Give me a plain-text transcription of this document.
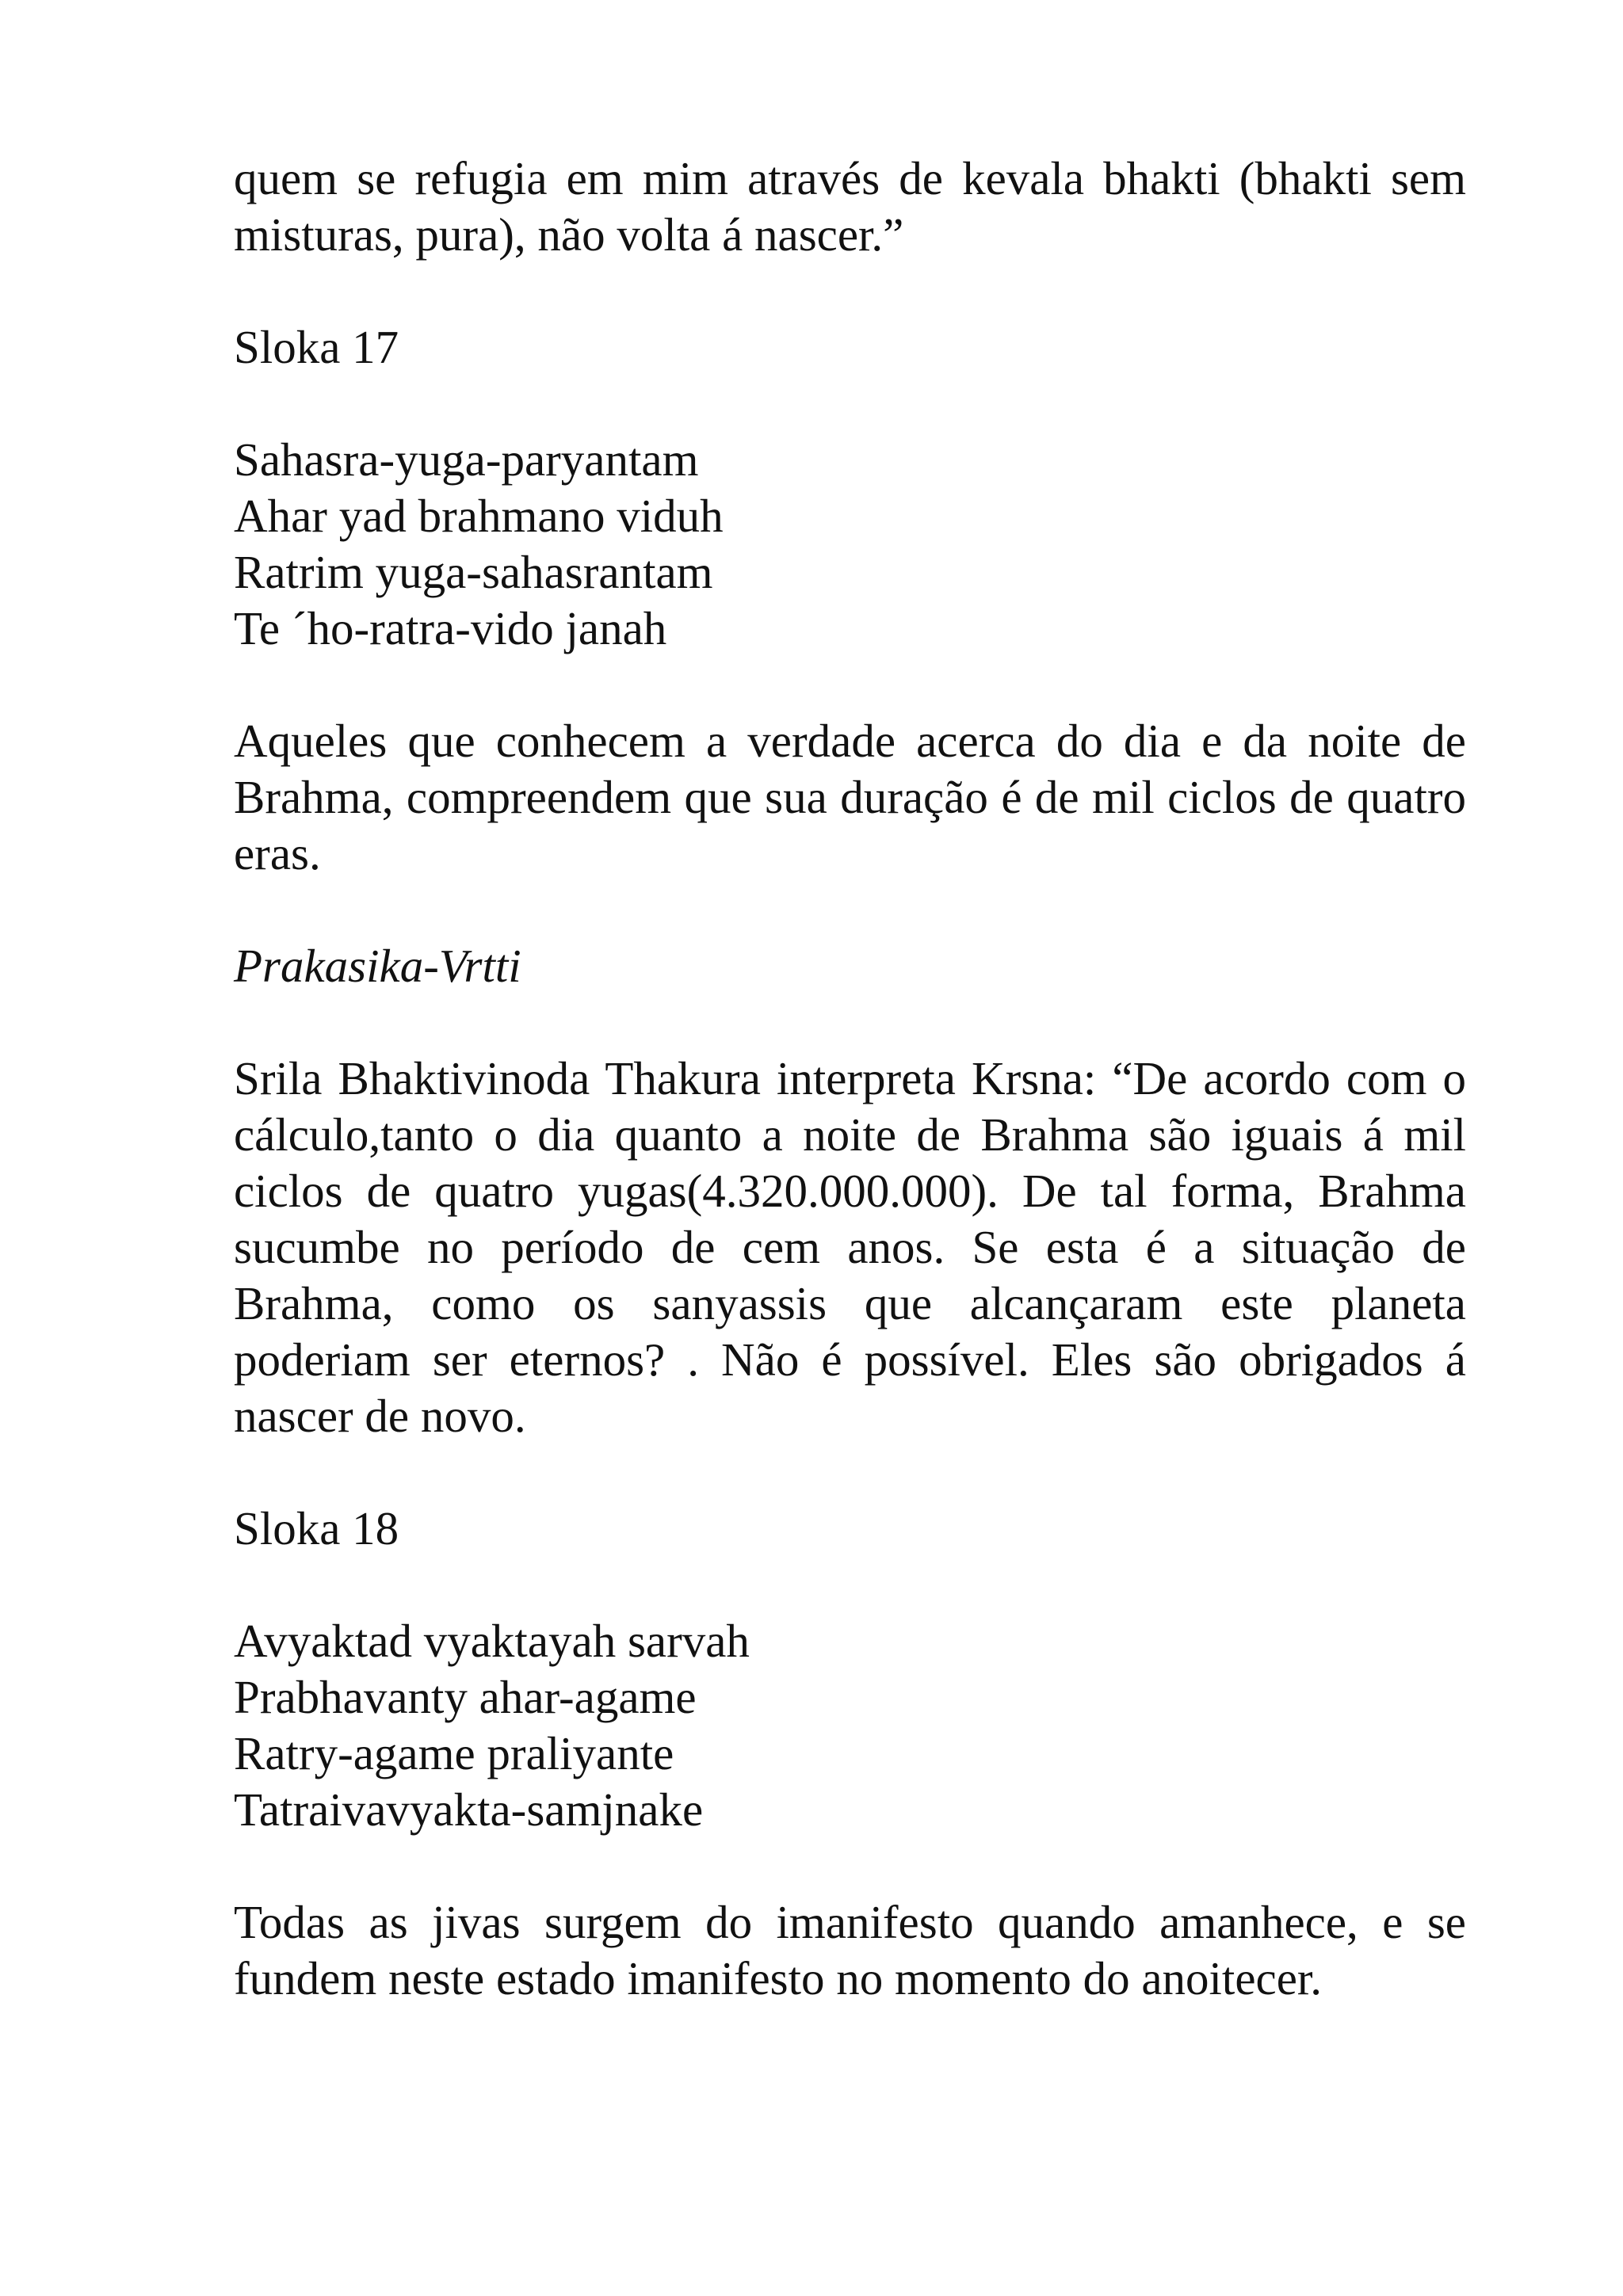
quem se refugia em mim através de kevala bhakti (bhakti sem misturas, pura), não volta á nascer.”

Sloka 17

Sahasra-yuga-paryantam
Ahar yad brahmano viduh
Ratrim yuga-sahasrantam
Te ´ho-ratra-vido janah

Aqueles que conhecem a verdade acerca do dia e da noite de Brahma, compreendem que sua duração é de mil ciclos de quatro eras.

Prakasika-Vrtti

Srila Bhaktivinoda Thakura interpreta Krsna: “De acordo com o cálculo,tanto o dia quanto a noite de Brahma são iguais á mil ciclos de quatro yugas(4.320.000.000). De tal forma, Brahma sucumbe no período de cem anos. Se esta é a situação de Brahma, como os sanyassis que alcançaram este planeta poderiam ser eternos? . Não é possível. Eles são obrigados á nascer de novo.

Sloka 18

Avyaktad vyaktayah sarvah
Prabhavanty ahar-agame
Ratry-agame praliyante
Tatraivavyakta-samjnake

Todas as jivas surgem do imanifesto quando amanhece, e se fundem neste estado imanifesto no momento do anoitecer.
